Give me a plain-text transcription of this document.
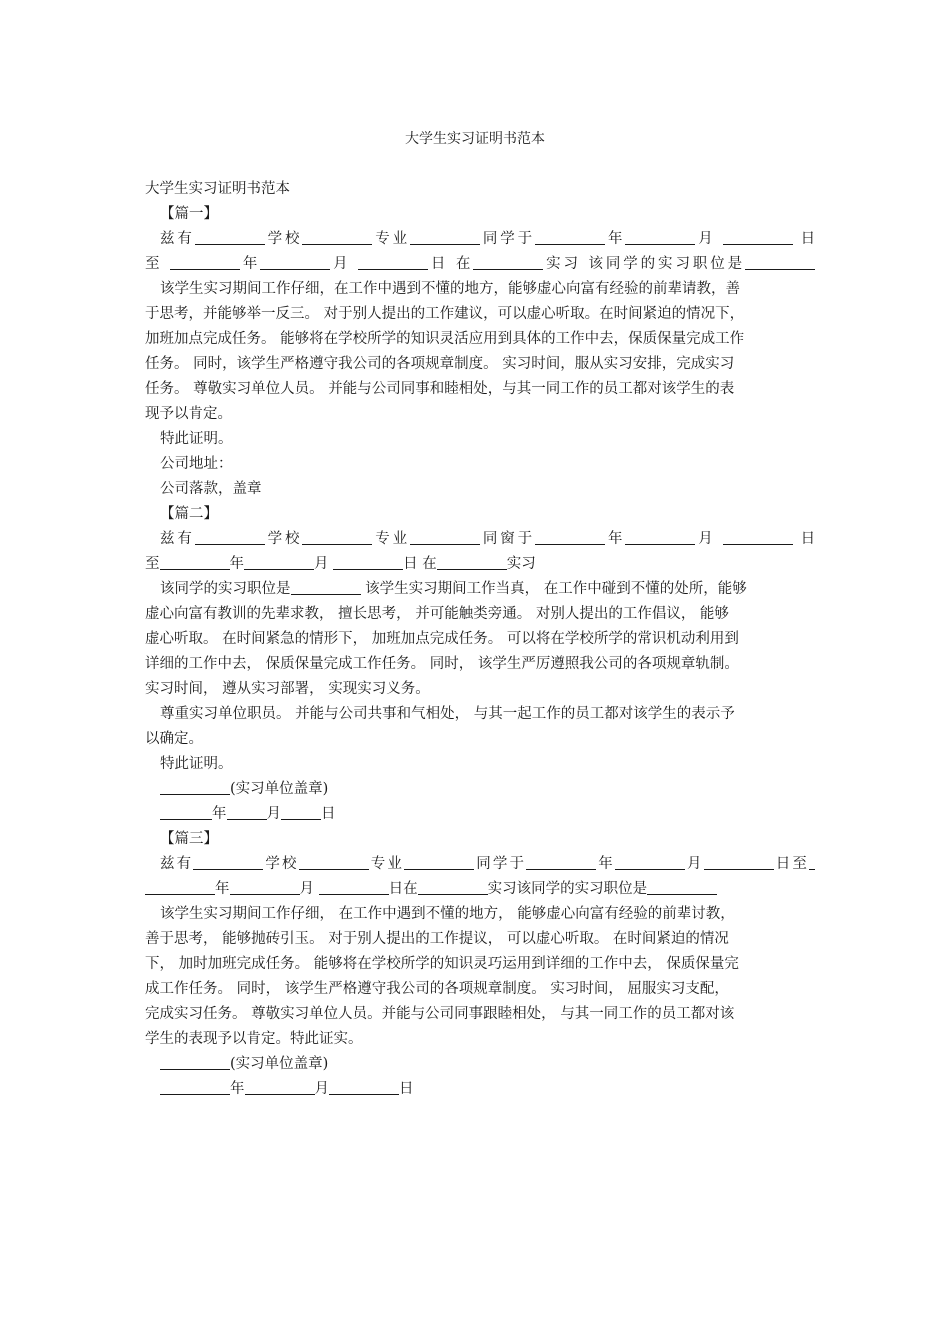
大学生实习证明书范本
大学生实习证明书范本
【篇一】
兹有	学校	专业	同学于	年	月	日
至	年	月	日 在	实习 该同学的实习职位是
该学生实习期间工作仔细，在工作中遇到不懂的地方，能够虚心向富有经验的前辈请教，善
于思考，并能够举一反三。 对于别人提出的工作建议，可以虚心听取。在时间紧迫的情况下，
加班加点完成任务。 能够将在学校所学的知识灵活应用到具体的工作中去，保质保量完成工作
任务。 同时，该学生严格遵守我公司的各项规章制度。 实习时间，服从实习安排，完成实习
任务。 尊敬实习单位人员。 并能与公司同事和睦相处，与其一同工作的员工都对该学生的表
现予以肯定。
特此证明。
公司地址：
公司落款，盖章
【篇二】
兹有	学校	专业	同窗于	年	月	日
至	年	月	日 在	实习
该同学的实习职位是	该学生实习期间工作当真， 在工作中碰到不懂的处所，能够
虚心向富有教训的先辈求教， 擅长思考， 并可能触类旁通。 对别人提出的工作倡议， 能够
虚心听取。 在时间紧急的情形下， 加班加点完成任务。 可以将在学校所学的常识机动利用到
详细的工作中去， 保质保量完成工作任务。 同时， 该学生严厉遵照我公司的各项规章轨制。
实习时间， 遵从实习部署， 实现实习义务。
尊重实习单位职员。 并能与公司共事和气相处， 与其一起工作的员工都对该学生的表示予
以确定。
特此证明。
(实习单位盖章)
年	月	日
【篇三】
兹有	学校	专业	同学于	年	月	日至
年	月	日在	实习该同学的实习职位是
该学生实习期间工作仔细， 在工作中遇到不懂的地方， 能够虚心向富有经验的前辈讨教，
善于思考， 能够抛砖引玉。 对于别人提出的工作提议， 可以虚心听取。 在时间紧迫的情况
下， 加时加班完成任务。 能够将在学校所学的知识灵巧运用到详细的工作中去， 保质保量完
成工作任务。 同时， 该学生严格遵守我公司的各项规章制度。 实习时间， 屈服实习支配，
完成实习任务。 尊敬实习单位人员。并能与公司同事跟睦相处， 与其一同工作的员工都对该
学生的表现予以肯定。特此证实。
(实习单位盖章)
年	月	日
